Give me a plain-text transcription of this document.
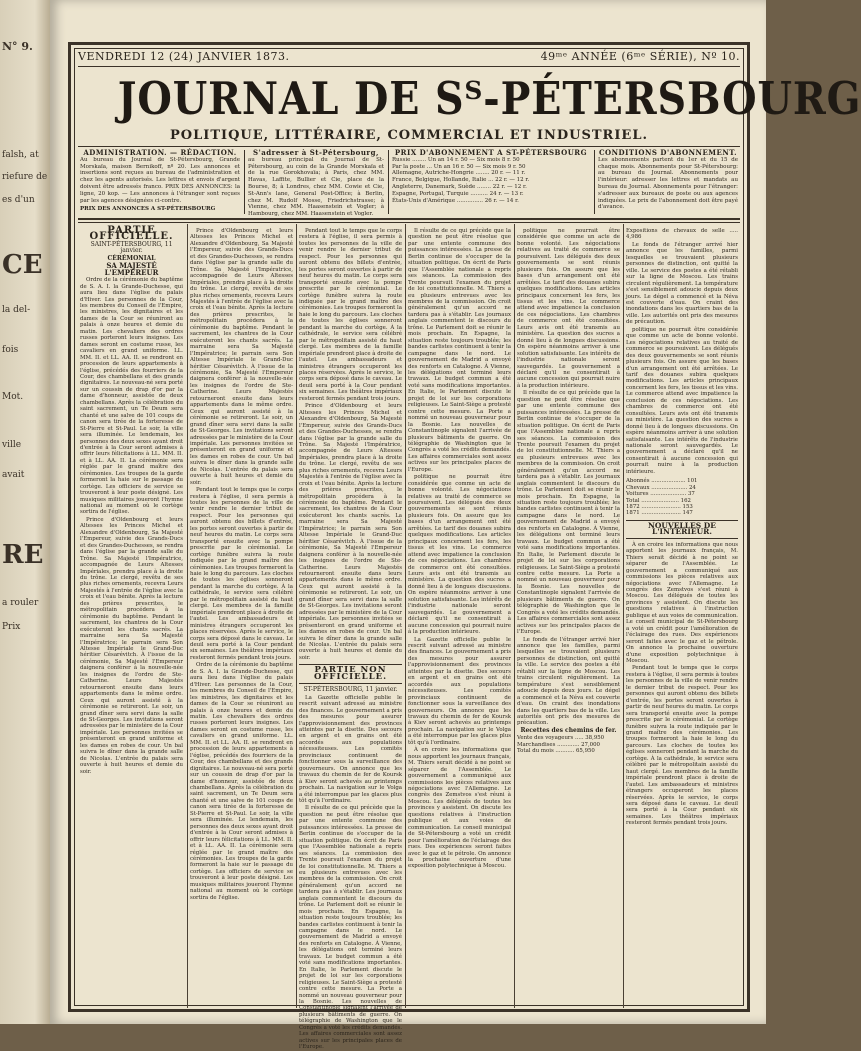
N° 9.
falsh, at
riefure de
es d'un
CE
la del-
fois
Mot.
ville
avait
RE
a rouler
Prix
VENDREDI 12 (24) JANVIER 1873.	49ᵐᵉ ANNÉE (6ᵐᵉ SÉRIE), Nº 10.
JOURNAL DE Sᵀ-PÉTERSBOURG
POLITIQUE, LITTÉRAIRE, COMMERCIAL ET INDUSTRIEL.
ADMINISTRATION. — RÉDACTION.
Au bureau du Journal de St-Pétersbourg, Grande Morskaïa, maison Bernikoff, nº 20. Les annonces et insertions sont reçues au bureau de l'administration et chez les agents autorisés. Les lettres et envois d'argent doivent être adressés franco. PRIX DES ANNONCES: la ligne, 20 kop. — Les annonces à l'étranger sont reçues par les agences désignées ci-contre.
PRIX DES ANNONCES A ST-PÉTERSBOURG
S'adresser à St-Pétersbourg,
au bureau principal du Journal de St-Pétersbourg, au coin de la Grande Morskaïa et de la rue Gorokhovaïa; à Paris, chez MM. Havas, Laffite, Bullier et Cie, place de la Bourse, 8; à Londres, chez MM. Cowie et Cie, St-Ann's lane, General Post-Office; à Berlin, chez M. Rudolf Mosse, Friedrichstrasse; à Vienne, chez MM. Haasenstein et Vogler; à Hambourg, chez MM. Haasenstein et Vogler.
PRIX D'ABONNEMENT A ST-PÉTERSBOURG
Russie ........ Un an 14 r. 50 — Six mois 8 r. 50
Par la poste ... Un an 16 r. 50 — Six mois 9 r. 50
Allemagne, Autriche-Hongrie ........ 20 r. — 11 r.
France, Belgique, Hollande, Italie ... 22 r. — 12 r.
Angleterre, Danemark, Suède ........ 22 r. — 12 r.
Espagne, Portugal, Turquie .......... 24 r. — 13 r.
États-Unis d'Amérique ............... 26 r. — 14 r.
CONDITIONS D'ABONNEMENT.
Les abonnements partent du 1er et du 15 de chaque mois. Abonnements pour St-Pétersbourg: au bureau du Journal. Abonnements pour l'intérieur: adresser les lettres et mandats au bureau du Journal. Abonnements pour l'étranger: s'adresser aux bureaux de poste ou aux agences indiquées. Le prix de l'abonnement doit être payé d'avance.

PARTIE OFFICIELLE.

SAINT-PÉTERSBOURG, 11 janvier.

CÉRÉMONIAL

SA MAJESTÉ L'EMPEREUR

Ordre de la cérémonie du baptême de S. A. I. la Grande-Duchesse, qui aura lieu dans l'église du palais d'Hiver. Les personnes de la Cour, les membres du Conseil de l'Empire, les ministres, les dignitaires et les dames de la Cour se réuniront au palais à onze heures et demie du matin. Les chevaliers des ordres russes porteront leurs insignes. Les dames seront en costume russe, les cavaliers en grand uniforme. LL. MM. II. et LL. AA. II. se rendront en procession de leurs appartements à l'église, précédés des fourriers de la Cour, des chambellans et des grands dignitaires. Le nouveau-né sera porté sur un coussin de drap d'or par la dame d'honneur, assistée de deux chambellans. Après la célébration du saint sacrement, un Te Deum sera chanté et une salve de 101 coups de canon sera tirée de la forteresse de St-Pierre et St-Paul. Le soir, la ville sera illuminée. Le lendemain, les personnes des deux sexes ayant droit d'entrée à la Cour seront admises à offrir leurs félicitations à LL. MM. II. et à LL. AA. II. La cérémonie sera réglée par le grand maître des cérémonies. Les troupes de la garde formeront la haie sur le passage du cortège. Les officiers de service se trouveront à leur poste désigné. Les musiques militaires joueront l'hymne national au moment où le cortège sortira de l'église.

Prince d'Oldenbourg et leurs Altesses les Princes Michel et Alexandre d'Oldenbourg, Sa Majesté l'Empereur, suivie des Grands-Ducs et des Grandes-Duchesses, se rendra dans l'église par la grande salle du Trône. Sa Majesté l'Impératrice, accompagnée de Leurs Altesses Impériales, prendra place à la droite du trône. Le clergé, revêtu de ses plus riches ornements, recevra Leurs Majestés à l'entrée de l'église avec la croix et l'eau bénite. Après la lecture des prières prescrites, le métropolitain procédera à la cérémonie du baptême. Pendant le sacrement, les chantres de la Cour exécuteront les chants sacrés. La marraine sera Sa Majesté l'Impératrice; le parrain sera Son Altesse Impériale le Grand-Duc héritier Césarévitch. À l'issue de la cérémonie, Sa Majesté l'Empereur daignera conférer à la nouvelle-née les insignes de l'ordre de Ste-Catherine. Leurs Majestés retourneront ensuite dans leurs appartements dans le même ordre. Ceux qui auront assisté à la cérémonie se retireront. Le soir, un grand dîner sera servi dans la salle de St-Georges. Les invitations seront adressées par le ministère de la Cour impériale. Les personnes invitées se présenteront en grand uniforme et les dames en robes de cour. Un bal suivra le dîner dans la grande salle de Nicolas. L'entrée du palais sera ouverte à huit heures et demie du soir.

Prince d'Oldenbourg et leurs Altesses les Princes Michel et Alexandre d'Oldenbourg, Sa Majesté l'Empereur, suivie des Grands-Ducs et des Grandes-Duchesses, se rendra dans l'église par la grande salle du Trône. Sa Majesté l'Impératrice, accompagnée de Leurs Altesses Impériales, prendra place à la droite du trône. Le clergé, revêtu de ses plus riches ornements, recevra Leurs Majestés à l'entrée de l'église avec la croix et l'eau bénite. Après la lecture des prières prescrites, le métropolitain procédera à la cérémonie du baptême. Pendant le sacrement, les chantres de la Cour exécuteront les chants sacrés. La marraine sera Sa Majesté l'Impératrice; le parrain sera Son Altesse Impériale le Grand-Duc héritier Césarévitch. À l'issue de la cérémonie, Sa Majesté l'Empereur daignera conférer à la nouvelle-née les insignes de l'ordre de Ste-Catherine. Leurs Majestés retourneront ensuite dans leurs appartements dans le même ordre. Ceux qui auront assisté à la cérémonie se retireront. Le soir, un grand dîner sera servi dans la salle de St-Georges. Les invitations seront adressées par le ministère de la Cour impériale. Les personnes invitées se présenteront en grand uniforme et les dames en robes de cour. Un bal suivra le dîner dans la grande salle de Nicolas. L'entrée du palais sera ouverte à huit heures et demie du soir.

Pendant tout le temps que le corps restera à l'église, il sera permis à toutes les personnes de la ville de venir rendre le dernier tribut de respect. Pour les personnes qui auront obtenu des billets d'entrée, les portes seront ouvertes à partir de neuf heures du matin. Le corps sera transporté ensuite avec la pompe prescrite par le cérémonial. Le cortège funèbre suivra la route indiquée par le grand maître des cérémonies. Les troupes formeront la haie le long du parcours. Les cloches de toutes les églises sonneront pendant la marche du cortège. À la cathédrale, le service sera célébré par le métropolitain assisté du haut clergé. Les membres de la famille impériale prendront place à droite de l'autel. Les ambassadeurs et ministres étrangers occuperont les places réservées. Après le service, le corps sera déposé dans le caveau. Le deuil sera porté à la Cour pendant six semaines. Les théâtres impériaux resteront fermés pendant trois jours.

Ordre de la cérémonie du baptême de S. A. I. la Grande-Duchesse, qui aura lieu dans l'église du palais d'Hiver. Les personnes de la Cour, les membres du Conseil de l'Empire, les ministres, les dignitaires et les dames de la Cour se réuniront au palais à onze heures et demie du matin. Les chevaliers des ordres russes porteront leurs insignes. Les dames seront en costume russe, les cavaliers en grand uniforme. LL. MM. II. et LL. AA. II. se rendront en procession de leurs appartements à l'église, précédés des fourriers de la Cour, des chambellans et des grands dignitaires. Le nouveau-né sera porté sur un coussin de drap d'or par la dame d'honneur, assistée de deux chambellans. Après la célébration du saint sacrement, un Te Deum sera chanté et une salve de 101 coups de canon sera tirée de la forteresse de St-Pierre et St-Paul. Le soir, la ville sera illuminée. Le lendemain, les personnes des deux sexes ayant droit d'entrée à la Cour seront admises à offrir leurs félicitations à LL. MM. II. et à LL. AA. II. La cérémonie sera réglée par le grand maître des cérémonies. Les troupes de la garde formeront la haie sur le passage du cortège. Les officiers de service se trouveront à leur poste désigné. Les musiques militaires joueront l'hymne national au moment où le cortège sortira de l'église.

Pendant tout le temps que le corps restera à l'église, il sera permis à toutes les personnes de la ville de venir rendre le dernier tribut de respect. Pour les personnes qui auront obtenu des billets d'entrée, les portes seront ouvertes à partir de neuf heures du matin. Le corps sera transporté ensuite avec la pompe prescrite par le cérémonial. Le cortège funèbre suivra la route indiquée par le grand maître des cérémonies. Les troupes formeront la haie le long du parcours. Les cloches de toutes les églises sonneront pendant la marche du cortège. À la cathédrale, le service sera célébré par le métropolitain assisté du haut clergé. Les membres de la famille impériale prendront place à droite de l'autel. Les ambassadeurs et ministres étrangers occuperont les places réservées. Après le service, le corps sera déposé dans le caveau. Le deuil sera porté à la Cour pendant six semaines. Les théâtres impériaux resteront fermés pendant trois jours.

Prince d'Oldenbourg et leurs Altesses les Princes Michel et Alexandre d'Oldenbourg, Sa Majesté l'Empereur, suivie des Grands-Ducs et des Grandes-Duchesses, se rendra dans l'église par la grande salle du Trône. Sa Majesté l'Impératrice, accompagnée de Leurs Altesses Impériales, prendra place à la droite du trône. Le clergé, revêtu de ses plus riches ornements, recevra Leurs Majestés à l'entrée de l'église avec la croix et l'eau bénite. Après la lecture des prières prescrites, le métropolitain procédera à la cérémonie du baptême. Pendant le sacrement, les chantres de la Cour exécuteront les chants sacrés. La marraine sera Sa Majesté l'Impératrice; le parrain sera Son Altesse Impériale le Grand-Duc héritier Césarévitch. À l'issue de la cérémonie, Sa Majesté l'Empereur daignera conférer à la nouvelle-née les insignes de l'ordre de Ste-Catherine. Leurs Majestés retourneront ensuite dans leurs appartements dans le même ordre. Ceux qui auront assisté à la cérémonie se retireront. Le soir, un grand dîner sera servi dans la salle de St-Georges. Les invitations seront adressées par le ministère de la Cour impériale. Les personnes invitées se présenteront en grand uniforme et les dames en robes de cour. Un bal suivra le dîner dans la grande salle de Nicolas. L'entrée du palais sera ouverte à huit heures et demie du soir.

PARTIE NON OFFICIELLE.

ST-PÉTERSBOURG, 11 janvier.

La Gazette officielle publie le rescrit suivant adressé au ministre des finances. Le gouvernement a pris des mesures pour assurer l'approvisionnement des provinces atteintes par la disette. Des secours en argent et en grains ont été accordés aux populations nécessiteuses. Les comités provinciaux continuent de fonctionner sous la surveillance des gouverneurs. On annonce que les travaux du chemin de fer de Koursk à Kiev seront achevés au printemps prochain. La navigation sur le Volga a été interrompue par les glaces plus tôt qu'à l'ordinaire.

Il résulte de ce qui précède que la question ne peut être résolue que par une entente commune des puissances intéressées. La presse de Berlin continue de s'occuper de la situation politique. On écrit de Paris que l'Assemblée nationale a repris ses séances. La commission des Trente poursuit l'examen du projet de loi constitutionnelle. M. Thiers a eu plusieurs entrevues avec les membres de la commission. On croit généralement qu'un accord ne tardera pas à s'établir. Les journaux anglais commentent le discours du trône. Le Parlement doit se réunir le mois prochain. En Espagne, la situation reste toujours troublée; les bandes carlistes continuent à tenir la campagne dans le nord. Le gouvernement de Madrid a envoyé des renforts en Catalogne. À Vienne, les délégations ont terminé leurs travaux. Le budget commun a été voté sans modifications importantes. En Italie, le Parlement discute le projet de loi sur les corporations religieuses. Le Saint-Siège a protesté contre cette mesure. La Porte a nommé un nouveau gouverneur pour la Bosnie. Les nouvelles de Constantinople signalent l'arrivée de plusieurs bâtiments de guerre. On télégraphie de Washington que le Congrès a voté les crédits demandés. Les affaires commerciales sont assez actives sur les principales places de l'Europe.

Il résulte de ce qui précède que la question ne peut être résolue que par une entente commune des puissances intéressées. La presse de Berlin continue de s'occuper de la situation politique. On écrit de Paris que l'Assemblée nationale a repris ses séances. La commission des Trente poursuit l'examen du projet de loi constitutionnelle. M. Thiers a eu plusieurs entrevues avec les membres de la commission. On croit généralement qu'un accord ne tardera pas à s'établir. Les journaux anglais commentent le discours du trône. Le Parlement doit se réunir le mois prochain. En Espagne, la situation reste toujours troublée; les bandes carlistes continuent à tenir la campagne dans le nord. Le gouvernement de Madrid a envoyé des renforts en Catalogne. À Vienne, les délégations ont terminé leurs travaux. Le budget commun a été voté sans modifications importantes. En Italie, le Parlement discute le projet de loi sur les corporations religieuses. Le Saint-Siège a protesté contre cette mesure. La Porte a nommé un nouveau gouverneur pour la Bosnie. Les nouvelles de Constantinople signalent l'arrivée de plusieurs bâtiments de guerre. On télégraphie de Washington que le Congrès a voté les crédits demandés. Les affaires commerciales sont assez actives sur les principales places de l'Europe.

politique ne pourrait être considérée que comme un acte de bonne volonté. Les négociations relatives au traité de commerce se poursuivent. Les délégués des deux gouvernements se sont réunis plusieurs fois. On assure que les bases d'un arrangement ont été arrêtées. Le tarif des douanes subira quelques modifications. Les articles principaux concernent les fers, les tissus et les vins. Le commerce attend avec impatience la conclusion de ces négociations. Les chambres de commerce ont été consultées. Leurs avis ont été transmis au ministère. La question des sucres a donné lieu à de longues discussions. On espère néanmoins arriver à une solution satisfaisante. Les intérêts de l'industrie nationale seront sauvegardés. Le gouvernement a déclaré qu'il ne consentirait à aucune concession qui pourrait nuire à la production intérieure.

La Gazette officielle publie le rescrit suivant adressé au ministre des finances. Le gouvernement a pris des mesures pour assurer l'approvisionnement des provinces atteintes par la disette. Des secours en argent et en grains ont été accordés aux populations nécessiteuses. Les comités provinciaux continuent de fonctionner sous la surveillance des gouverneurs. On annonce que les travaux du chemin de fer de Koursk à Kiev seront achevés au printemps prochain. La navigation sur le Volga a été interrompue par les glaces plus tôt qu'à l'ordinaire.

À en croire les informations que nous apportent les journaux français, M. Thiers serait décidé à ne point se séparer de l'Assemblée. Le gouvernement a communiqué aux commissions les pièces relatives aux négociations avec l'Allemagne. Le congrès des Zemstvos s'est réuni à Moscou. Les délégués de toutes les provinces y assistent. On discute les questions relatives à l'instruction publique et aux voies de communication. Le conseil municipal de St-Pétersbourg a voté un crédit pour l'amélioration de l'éclairage des rues. Des expériences seront faites avec le gaz et le pétrole. On annonce la prochaine ouverture d'une exposition polytechnique à Moscou.

politique ne pourrait être considérée que comme un acte de bonne volonté. Les négociations relatives au traité de commerce se poursuivent. Les délégués des deux gouvernements se sont réunis plusieurs fois. On assure que les bases d'un arrangement ont été arrêtées. Le tarif des douanes subira quelques modifications. Les articles principaux concernent les fers, les tissus et les vins. Le commerce attend avec impatience la conclusion de ces négociations. Les chambres de commerce ont été consultées. Leurs avis ont été transmis au ministère. La question des sucres a donné lieu à de longues discussions. On espère néanmoins arriver à une solution satisfaisante. Les intérêts de l'industrie nationale seront sauvegardés. Le gouvernement a déclaré qu'il ne consentirait à aucune concession qui pourrait nuire à la production intérieure.

Il résulte de ce qui précède que la question ne peut être résolue que par une entente commune des puissances intéressées. La presse de Berlin continue de s'occuper de la situation politique. On écrit de Paris que l'Assemblée nationale a repris ses séances. La commission des Trente poursuit l'examen du projet de loi constitutionnelle. M. Thiers a eu plusieurs entrevues avec les membres de la commission. On croit généralement qu'un accord ne tardera pas à s'établir. Les journaux anglais commentent le discours du trône. Le Parlement doit se réunir le mois prochain. En Espagne, la situation reste toujours troublée; les bandes carlistes continuent à tenir la campagne dans le nord. Le gouvernement de Madrid a envoyé des renforts en Catalogne. À Vienne, les délégations ont terminé leurs travaux. Le budget commun a été voté sans modifications importantes. En Italie, le Parlement discute le projet de loi sur les corporations religieuses. Le Saint-Siège a protesté contre cette mesure. La Porte a nommé un nouveau gouverneur pour la Bosnie. Les nouvelles de Constantinople signalent l'arrivée de plusieurs bâtiments de guerre. On télégraphie de Washington que le Congrès a voté les crédits demandés. Les affaires commerciales sont assez actives sur les principales places de l'Europe.

Le fonds de l'étranger arrivé hier annonce que les familles, parmi lesquelles se trouvaient plusieurs personnes de distinction, ont quitté la ville. Le service des postes a été rétabli sur la ligne de Moscou. Les trains circulent régulièrement. La température s'est sensiblement adoucie depuis deux jours. Le dégel a commencé et la Néva est couverte d'eau. On craint des inondations dans les quartiers bas de la ville. Les autorités ont pris des mesures de précaution.

Recettes des chemins de fer.

Vente des voyageurs ..... 38,950
Marchandises ............. 27,000
Total du mois ........... 65,950

Expositions de chevaux de selle ..... 4,986

Le fonds de l'étranger arrivé hier annonce que les familles, parmi lesquelles se trouvaient plusieurs personnes de distinction, ont quitté la ville. Le service des postes a été rétabli sur la ligne de Moscou. Les trains circulent régulièrement. La température s'est sensiblement adoucie depuis deux jours. Le dégel a commencé et la Néva est couverte d'eau. On craint des inondations dans les quartiers bas de la ville. Les autorités ont pris des mesures de précaution.

politique ne pourrait être considérée que comme un acte de bonne volonté. Les négociations relatives au traité de commerce se poursuivent. Les délégués des deux gouvernements se sont réunis plusieurs fois. On assure que les bases d'un arrangement ont été arrêtées. Le tarif des douanes subira quelques modifications. Les articles principaux concernent les fers, les tissus et les vins. Le commerce attend avec impatience la conclusion de ces négociations. Les chambres de commerce ont été consultées. Leurs avis ont été transmis au ministère. La question des sucres a donné lieu à de longues discussions. On espère néanmoins arriver à une solution satisfaisante. Les intérêts de l'industrie nationale seront sauvegardés. Le gouvernement a déclaré qu'il ne consentirait à aucune concession qui pourrait nuire à la production intérieure.

Abonnés .................... 101
Chevaux ..................... 24
Voitures ..................... 37
Total ...................... 162
1872 ....................... 153
1871 ....................... 147

NOUVELLES DE L'INTÉRIEUR.

À en croire les informations que nous apportent les journaux français, M. Thiers serait décidé à ne point se séparer de l'Assemblée. Le gouvernement a communiqué aux commissions les pièces relatives aux négociations avec l'Allemagne. Le congrès des Zemstvos s'est réuni à Moscou. Les délégués de toutes les provinces y assistent. On discute les questions relatives à l'instruction publique et aux voies de communication. Le conseil municipal de St-Pétersbourg a voté un crédit pour l'amélioration de l'éclairage des rues. Des expériences seront faites avec le gaz et le pétrole. On annonce la prochaine ouverture d'une exposition polytechnique à Moscou.

Pendant tout le temps que le corps restera à l'église, il sera permis à toutes les personnes de la ville de venir rendre le dernier tribut de respect. Pour les personnes qui auront obtenu des billets d'entrée, les portes seront ouvertes à partir de neuf heures du matin. Le corps sera transporté ensuite avec la pompe prescrite par le cérémonial. Le cortège funèbre suivra la route indiquée par le grand maître des cérémonies. Les troupes formeront la haie le long du parcours. Les cloches de toutes les églises sonneront pendant la marche du cortège. À la cathédrale, le service sera célébré par le métropolitain assisté du haut clergé. Les membres de la famille impériale prendront place à droite de l'autel. Les ambassadeurs et ministres étrangers occuperont les places réservées. Après le service, le corps sera déposé dans le caveau. Le deuil sera porté à la Cour pendant six semaines. Les théâtres impériaux resteront fermés pendant trois jours.
